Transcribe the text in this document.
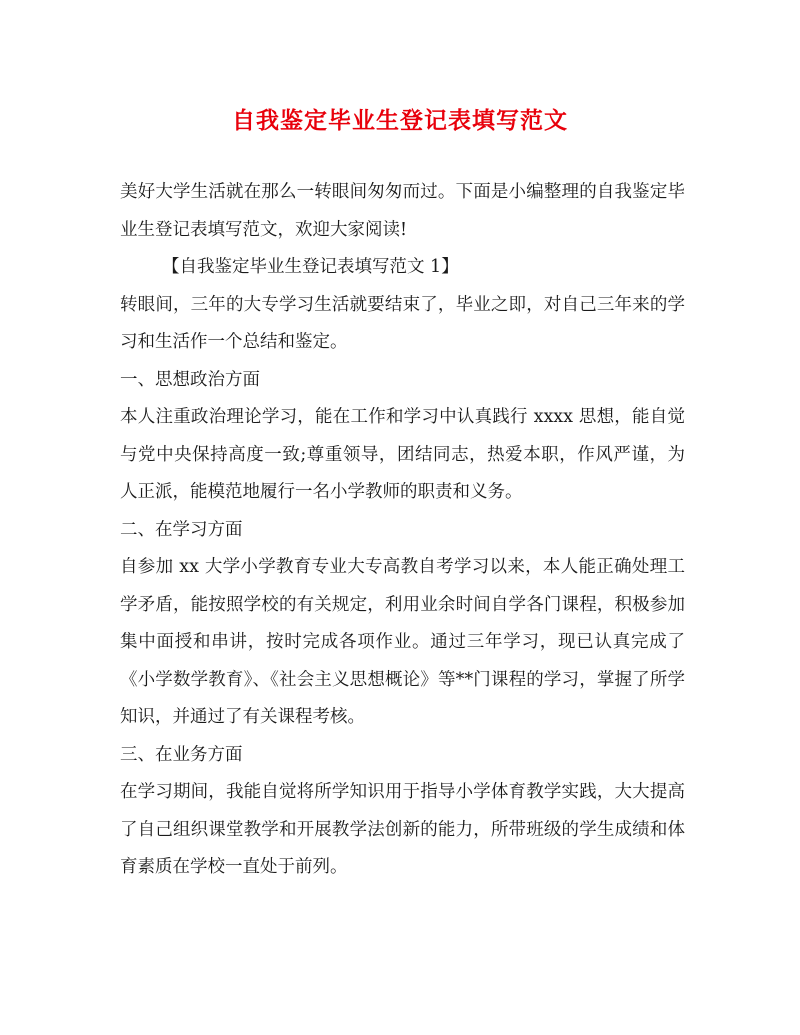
自我鉴定毕业生登记表填写范文

美好大学生活就在那么一转眼间匆匆而过。下面是小编整理的自我鉴定毕业生登记表填写范文，欢迎大家阅读!

【自我鉴定毕业生登记表填写范文 1】

转眼间，三年的大专学习生活就要结束了，毕业之即，对自己三年来的学习和生活作一个总结和鉴定。

一、思想政治方面

本人注重政治理论学习，能在工作和学习中认真践行 xxxx 思想，能自觉与党中央保持高度一致;尊重领导，团结同志，热爱本职，作风严谨，为人正派，能模范地履行一名小学教师的职责和义务。

二、在学习方面

自参加 xx 大学小学教育专业大专高教自考学习以来，本人能正确处理工学矛盾，能按照学校的有关规定，利用业余时间自学各门课程，积极参加集中面授和串讲，按时完成各项作业。通过三年学习，现已认真完成了《小学数学教育》、《社会主义思想概论》等**门课程的学习，掌握了所学知识，并通过了有关课程考核。

三、在业务方面

在学习期间，我能自觉将所学知识用于指导小学体育教学实践，大大提高了自己组织课堂教学和开展教学法创新的能力，所带班级的学生成绩和体育素质在学校一直处于前列。
